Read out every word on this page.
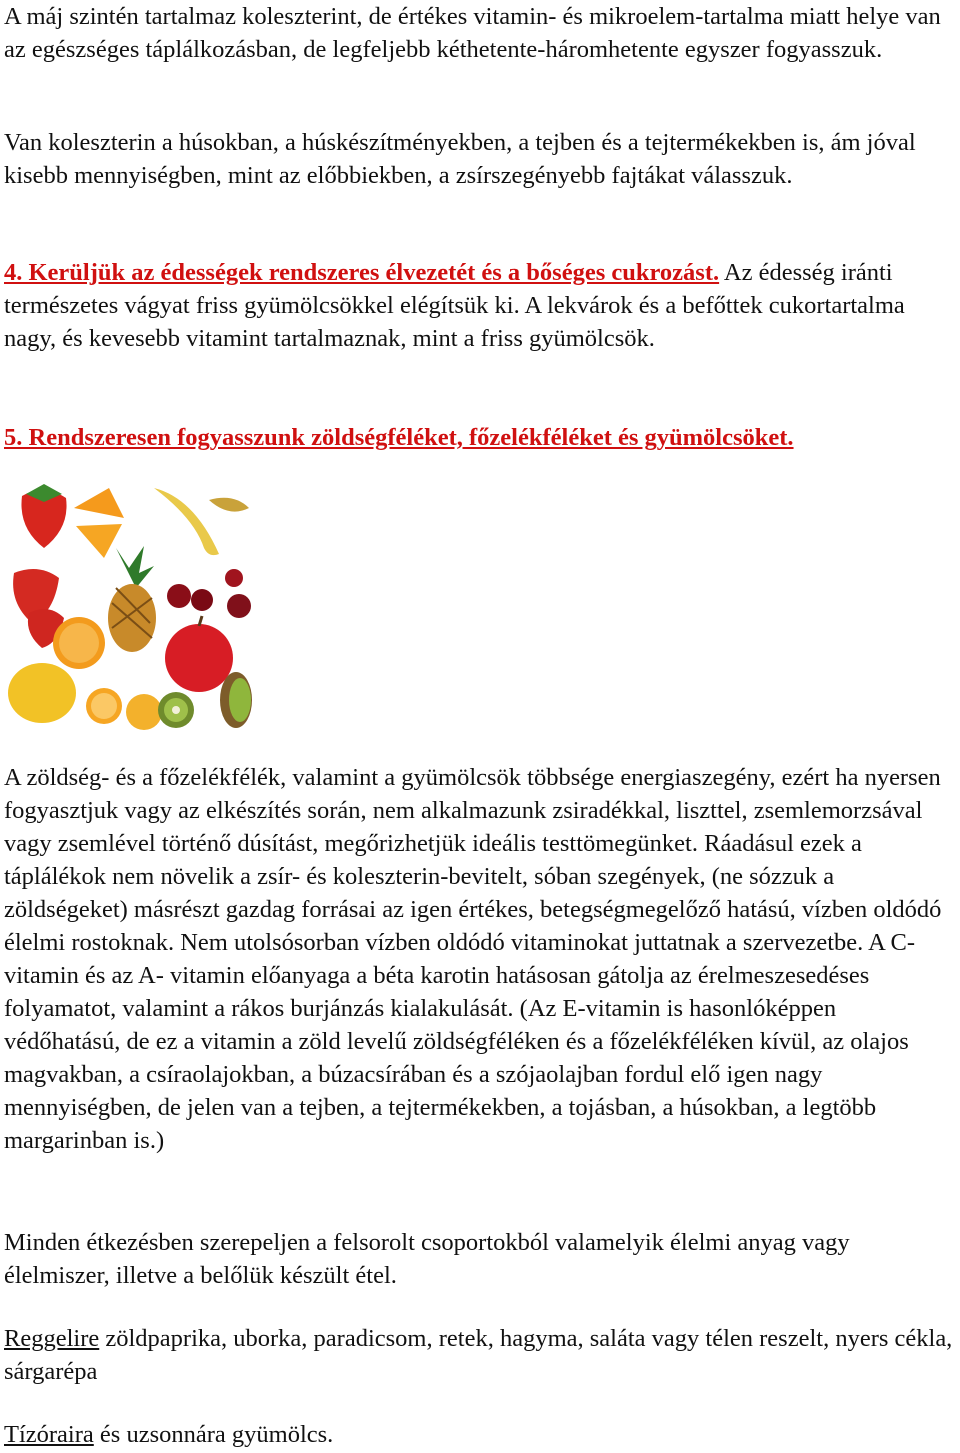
A máj szintén tartalmaz koleszterint, de értékes vitamin- és mikroelem-tartalma miatt helye van az egészséges táplálkozásban, de legfeljebb kéthetente-háromhetente egyszer fogyasszuk.

Van koleszterin a húsokban, a húskészítményekben, a tejben és a tejtermékekben is, ám jóval kisebb mennyiségben, mint az előbbiekben, a zsírszegényebb fajtákat válasszuk.

4. Kerüljük az édességek rendszeres élvezetét és a bőséges cukrozást. Az édesség iránti természetes vágyat friss gyümölcsökkel elégítsük ki. A lekvárok és a befőttek cukortartalma nagy, és kevesebb vitamint tartalmaznak, mint a friss gyümölcsök.

5. Rendszeresen fogyasszunk zöldségféléket, főzelékféléket és gyümölcsöket.

A zöldség- és a főzelékfélék, valamint a gyümölcsök többsége energiaszegény, ezért ha nyersen fogyasztjuk vagy az elkészítés során, nem alkalmazunk zsiradékkal, liszttel, zsemlemorzsával vagy zsemlével történő dúsítást, megőrizhetjük ideális testtömegünket. Ráadásul ezek a táplálékok nem növelik a zsír- és koleszterin-bevitelt, sóban szegények, (ne sózzuk a zöldségeket) másrészt gazdag forrásai az igen értékes, betegségmegelőző hatású, vízben oldódó élelmi rostoknak. Nem utolsósorban vízben oldódó vitaminokat juttatnak a szervezetbe. A C-vitamin és az A- vitamin előanyaga a béta karotin hatásosan gátolja az érelmeszesedéses folyamatot, valamint a rákos burjánzás kialakulását. (Az E-vitamin is hasonlóképpen védőhatású, de ez a vitamin a zöld levelű zöldségféléken és a főzelékféléken kívül, az olajos magvakban, a csíraolajokban, a búzacsírában és a szójaolajban fordul elő igen nagy mennyiségben, de jelen van a tejben, a tejtermékekben, a tojásban, a húsokban, a legtöbb margarinban is.)

Minden étkezésben szerepeljen a felsorolt csoportokból valamelyik élelmi anyag vagy élelmiszer, illetve a belőlük készült étel.

Reggelire zöldpaprika, uborka, paradicsom, retek, hagyma, saláta vagy télen reszelt, nyers cékla, sárgarépa

Tízóraira és uzsonnára gyümölcs.
